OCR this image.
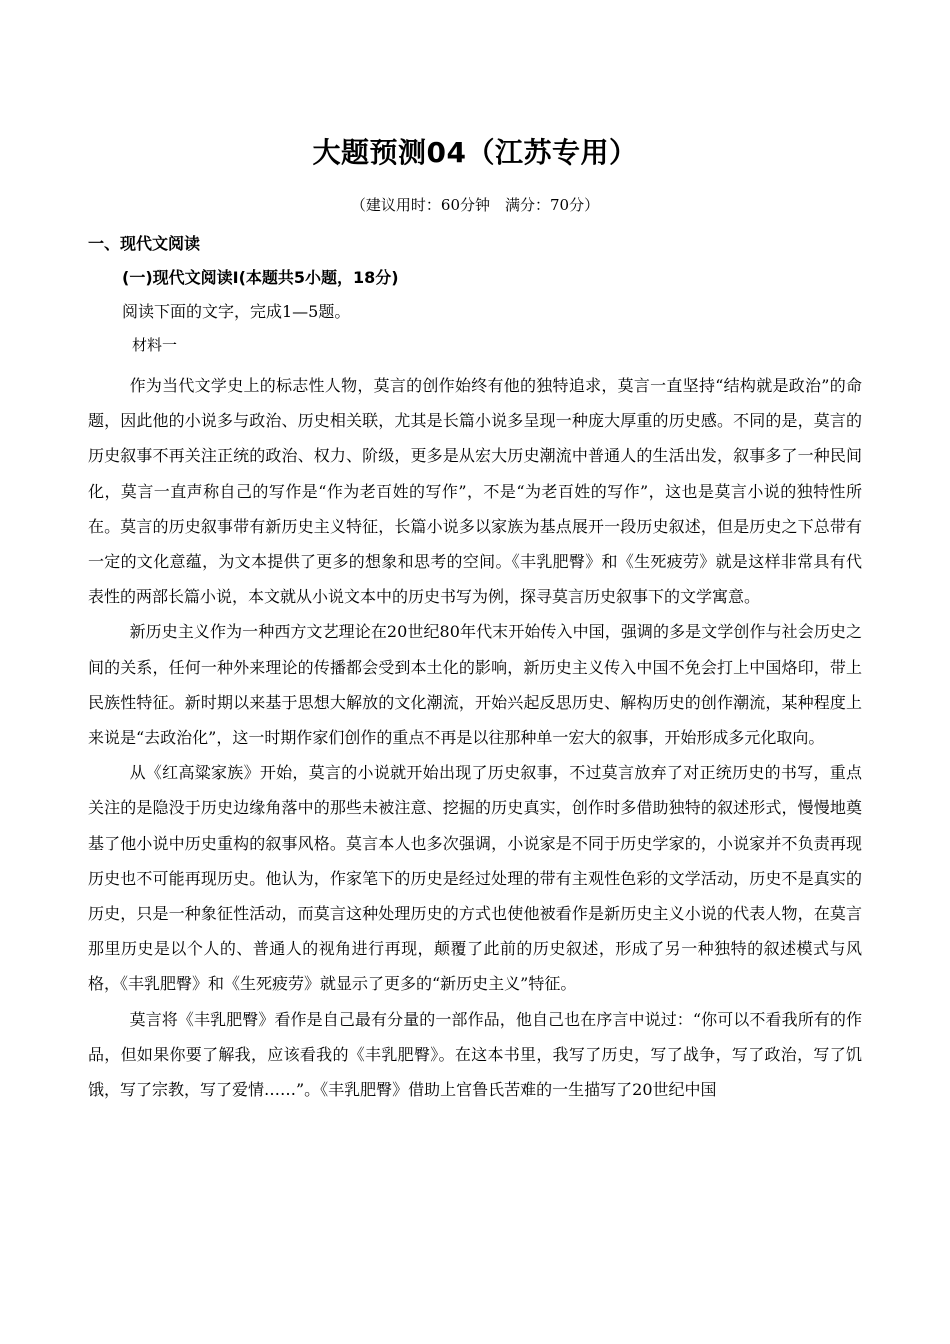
大题预测04（江苏专用）
（建议用时：60分钟　满分：70分）
一、现代文阅读
(一)现代文阅读Ⅰ(本题共5小题，18分)
阅读下面的文字，完成1—5题。
材料一

作为当代文学史上的标志性人物，莫言的创作始终有他的独特追求，莫言一直坚持“结构就是政治”的命题，因此他的小说多与政治、历史相关联，尤其是长篇小说多呈现一种庞大厚重的历史感。不同的是，莫言的历史叙事不再关注正统的政治、权力、阶级，更多是从宏大历史潮流中普通人的生活出发，叙事多了一种民间化，莫言一直声称自己的写作是“作为老百姓的写作”，不是“为老百姓的写作”，这也是莫言小说的独特性所在。莫言的历史叙事带有新历史主义特征，长篇小说多以家族为基点展开一段历史叙述，但是历史之下总带有一定的文化意蕴，为文本提供了更多的想象和思考的空间。《丰乳肥臀》和《生死疲劳》就是这样非常具有代表性的两部长篇小说，本文就从小说文本中的历史书写为例，探寻莫言历史叙事下的文学寓意。

新历史主义作为一种西方文艺理论在20世纪80年代末开始传入中国，强调的多是文学创作与社会历史之间的关系，任何一种外来理论的传播都会受到本土化的影响，新历史主义传入中国不免会打上中国烙印，带上民族性特征。新时期以来基于思想大解放的文化潮流，开始兴起反思历史、解构历史的创作潮流，某种程度上来说是“去政治化”，这一时期作家们创作的重点不再是以往那种单一宏大的叙事，开始形成多元化取向。

从《红高粱家族》开始，莫言的小说就开始出现了历史叙事，不过莫言放弃了对正统历史的书写，重点关注的是隐没于历史边缘角落中的那些未被注意、挖掘的历史真实，创作时多借助独特的叙述形式，慢慢地奠基了他小说中历史重构的叙事风格。莫言本人也多次强调，小说家是不同于历史学家的，小说家并不负责再现历史也不可能再现历史。他认为，作家笔下的历史是经过处理的带有主观性色彩的文学活动，历史不是真实的历史，只是一种象征性活动，而莫言这种处理历史的方式也使他被看作是新历史主义小说的代表人物，在莫言那里历史是以个人的、普通人的视角进行再现，颠覆了此前的历史叙述，形成了另一种独特的叙述模式与风格，《丰乳肥臀》和《生死疲劳》就显示了更多的“新历史主义”特征。

莫言将《丰乳肥臀》看作是自己最有分量的一部作品，他自己也在序言中说过：“你可以不看我所有的作品，但如果你要了解我，应该看我的《丰乳肥臀》。在这本书里，我写了历史，写了战争，写了政治，写了饥饿，写了宗教，写了爱情……”。《丰乳肥臀》借助上官鲁氏苦难的一生描写了20世纪中国
